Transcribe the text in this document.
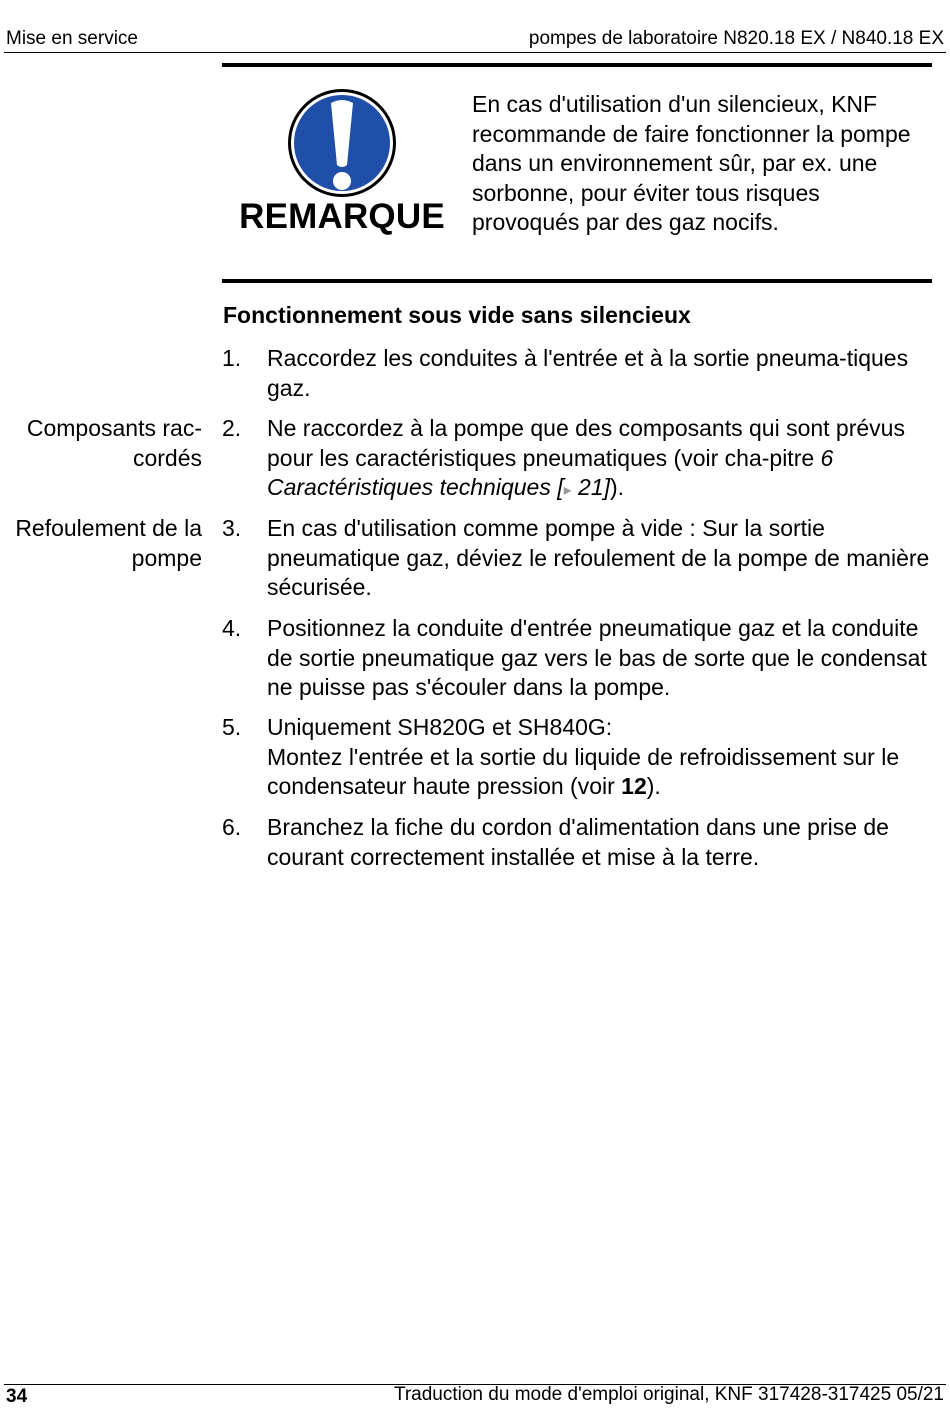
Mise en service	pompes de laboratoire N820.18 EX / N840.18 EX
REMARQUE
En cas d'utilisation d'un silencieux, KNF recommande de faire fonctionner la pompe dans un environnement sûr, par ex. une sorbonne, pour éviter tous risques provoqués par des gaz nocifs.
Fonctionnement sous vide sans silencieux
Composants rac-cordés
Refoulement de la pompe
1.	Raccordez les conduites à l'entrée et à la sortie pneuma-tiques gaz.
2.	Ne raccordez à la pompe que des composants qui sont prévus pour les caractéristiques pneumatiques (voir cha-pitre 6 Caractéristiques techniques [▸ 21]).
3.	En cas d'utilisation comme pompe à vide : Sur la sortie pneumatique gaz, déviez le refoulement de la pompe de manière sécurisée.
4.	Positionnez la conduite d'entrée pneumatique gaz et la conduite de sortie pneumatique gaz vers le bas de sorte que le condensat ne puisse pas s'écouler dans la pompe.
5.	Uniquement SH820G et SH840G:
Montez l'entrée et la sortie du liquide de refroidissement sur le condensateur haute pression (voir 12).
6.	Branchez la fiche du cordon d'alimentation dans une prise de courant correctement installée et mise à la terre.
34	Traduction du mode d'emploi original, KNF 317428-317425 05/21
